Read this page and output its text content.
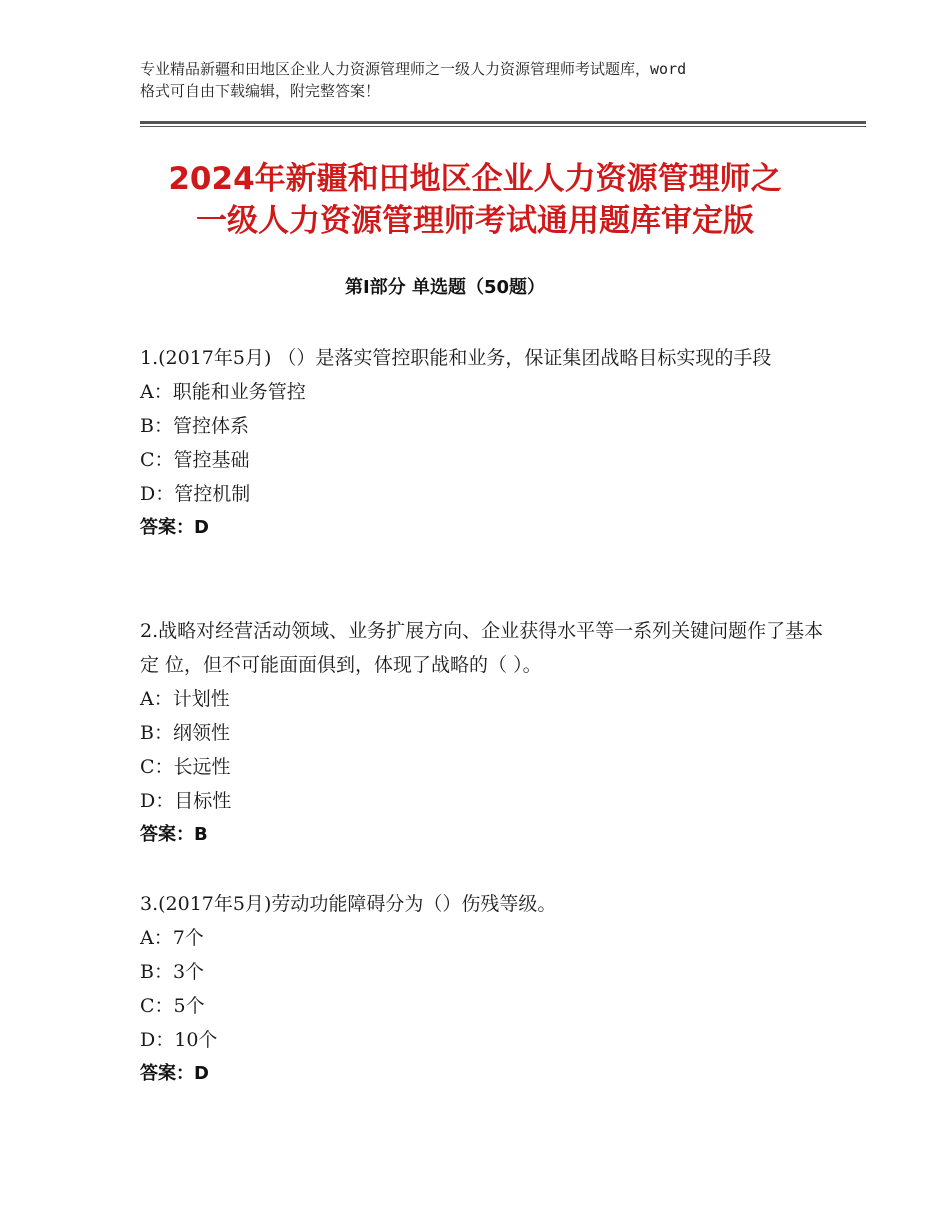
专业精品新疆和田地区企业人力资源管理师之一级人力资源管理师考试题库，word
格式可自由下载编辑，附完整答案！
2024年新疆和田地区企业人力资源管理师之
一级人力资源管理师考试通用题库审定版
第Ⅰ部分 单选题（50题）
1.(2017年5月) （）是落实管控职能和业务，保证集团战略目标实现的手段
A：职能和业务管控
B：管控体系
C：管控基础
D：管控机制
答案：D
2.战略对经营活动领域、业务扩展方向、企业获得水平等一系列关键问题作了基本定 位，但不可能面面俱到，体现了战略的（ ）。
A：计划性
B：纲领性
C：长远性
D：目标性
答案：B
3.(2017年5月)劳动功能障碍分为（）伤残等级。
A：7个
B：3个
C：5个
D：10个
答案：D
